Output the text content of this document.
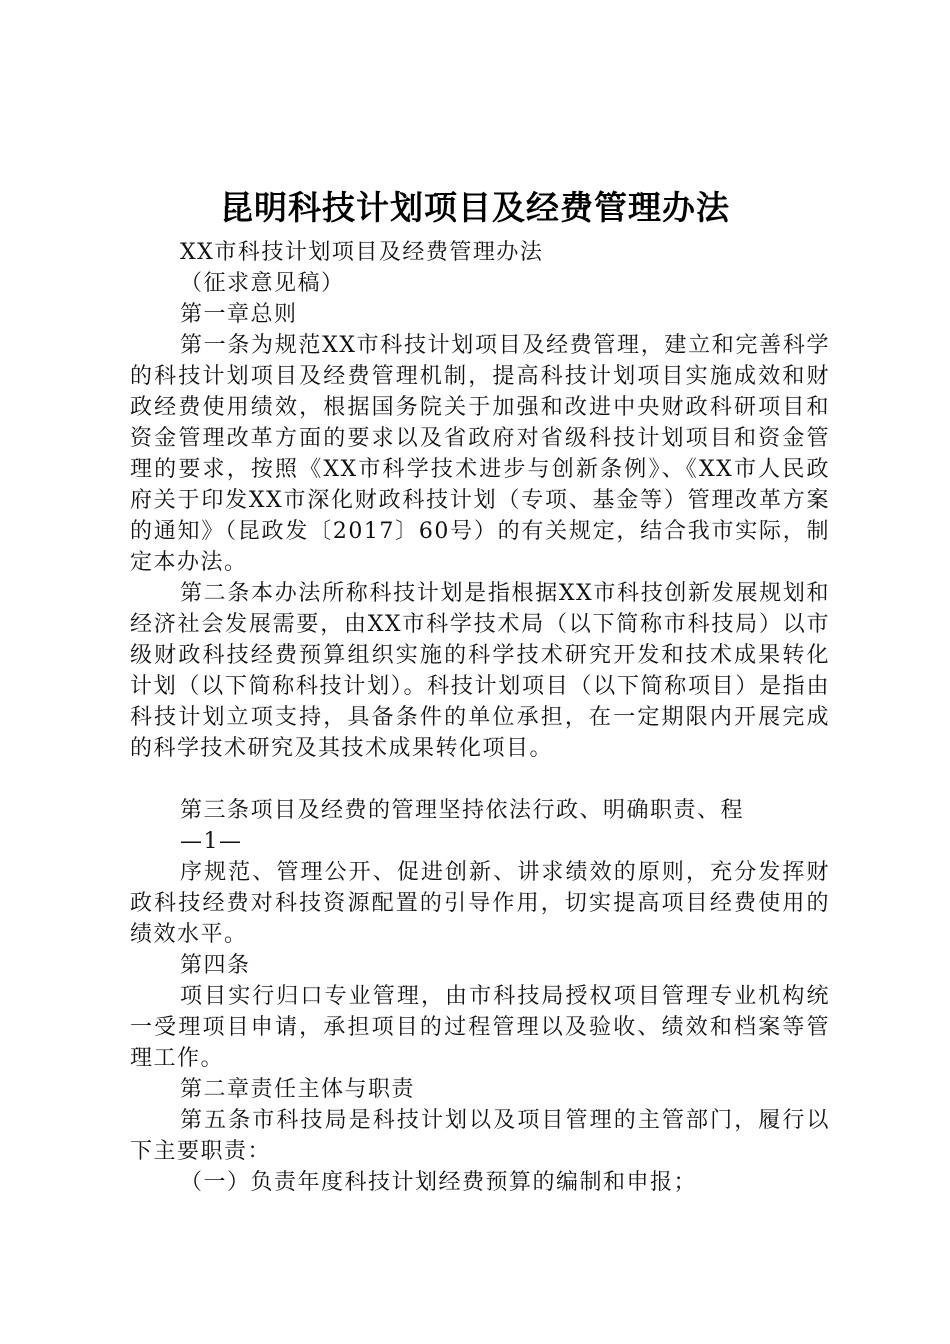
昆明科技计划项目及经费管理办法

XX市科技计划项目及经费管理办法

（征求意见稿）

第一章总则

第一条为规范XX市科技计划项目及经费管理，建立和完善科学的科技计划项目及经费管理机制，提高科技计划项目实施成效和财政经费使用绩效，根据国务院关于加强和改进中央财政科研项目和资金管理改革方面的要求以及省政府对省级科技计划项目和资金管理的要求，按照《XX市科学技术进步与创新条例》、《XX市人民政府关于印发XX市深化财政科技计划（专项、基金等）管理改革方案的通知》（昆政发〔2017〕60号）的有关规定，结合我市实际，制定本办法。

第二条本办法所称科技计划是指根据XX市科技创新发展规划和经济社会发展需要，由XX市科学技术局（以下简称市科技局）以市级财政科技经费预算组织实施的科学技术研究开发和技术成果转化计划（以下简称科技计划）。科技计划项目（以下简称项目）是指由科技计划立项支持，具备条件的单位承担，在一定期限内开展完成的科学技术研究及其技术成果转化项目。

第三条项目及经费的管理坚持依法行政、明确职责、程

—1—

序规范、管理公开、促进创新、讲求绩效的原则，充分发挥财政科技经费对科技资源配置的引导作用，切实提高项目经费使用的绩效水平。

第四条

项目实行归口专业管理，由市科技局授权项目管理专业机构统一受理项目申请，承担项目的过程管理以及验收、绩效和档案等管理工作。

第二章责任主体与职责

第五条市科技局是科技计划以及项目管理的主管部门，履行以下主要职责：

（一）负责年度科技计划经费预算的编制和申报；
